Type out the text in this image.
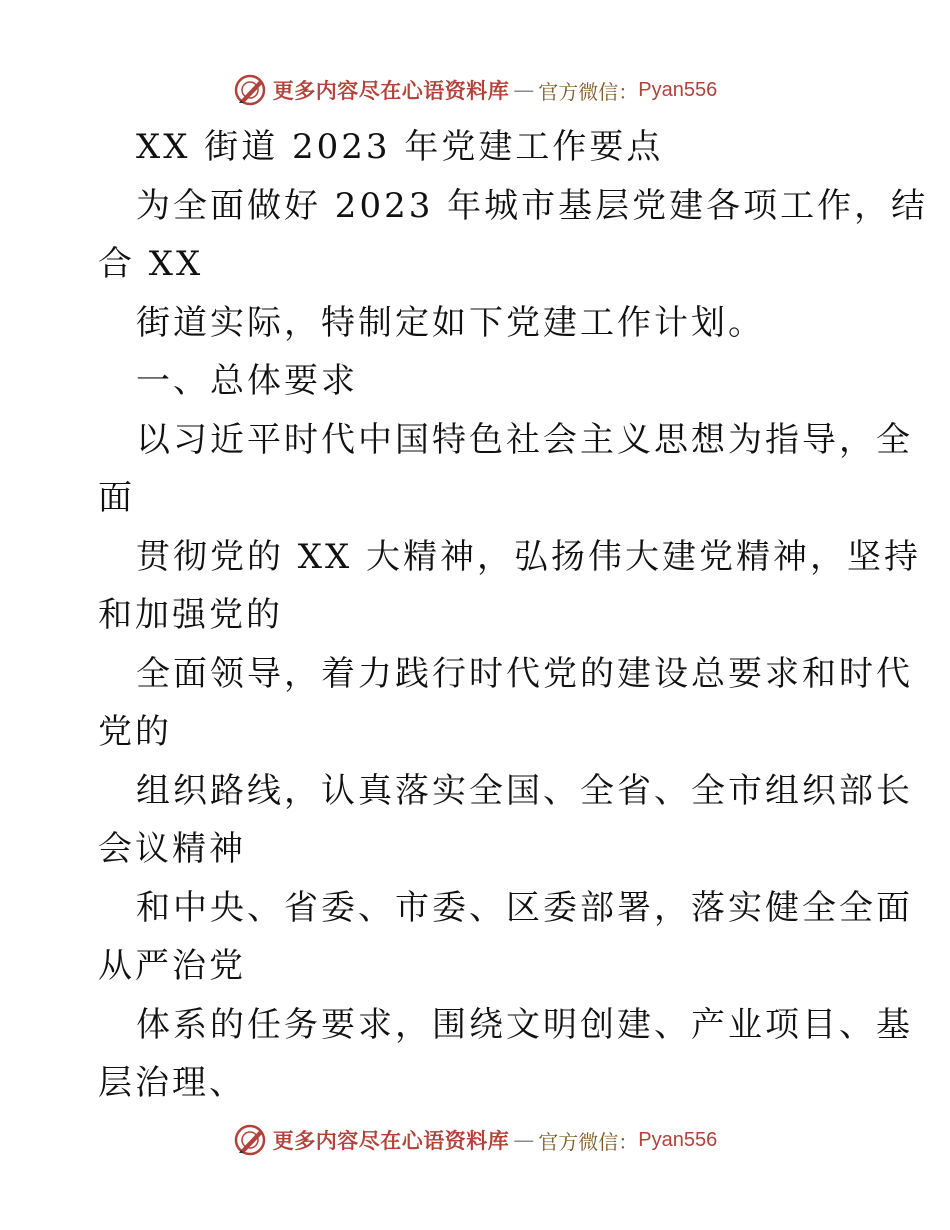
更多内容尽在心语资料库 — 官方微信： Pyan556
XX 街道 2023 年党建工作要点
为全面做好 2023 年城市基层党建各项工作，结
合 XX
街道实际，特制定如下党建工作计划。
一、总体要求
以习近平时代中国特色社会主义思想为指导，全
面
贯彻党的 XX 大精神，弘扬伟大建党精神，坚持
和加强党的
全面领导，着力践行时代党的建设总要求和时代
党的
组织路线，认真落实全国、全省、全市组织部长
会议精神
和中央、省委、市委、区委部署，落实健全全面
从严治党
体系的任务要求，围绕文明创建、产业项目、基
层治理、
更多内容尽在心语资料库 — 官方微信： Pyan556
